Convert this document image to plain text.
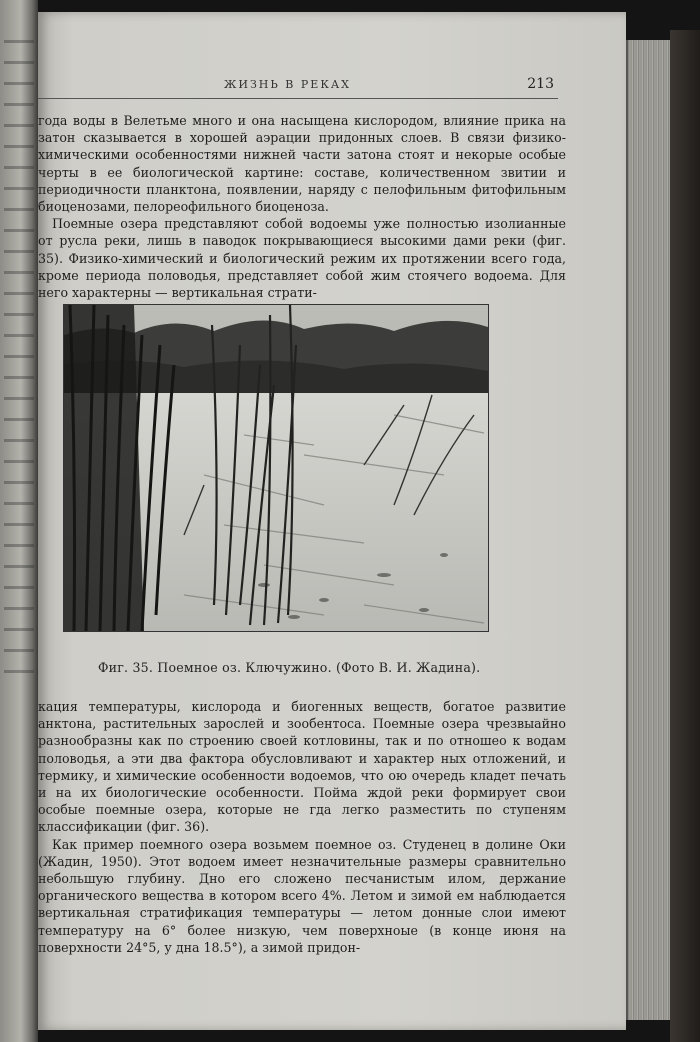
ЖИЗНЬ В РЕКАХ	213

года воды в Велетьме много и она насыщена кислородом, влияние прика на затон сказывается в хорошей аэрации придонных слоев. В связи физико-химическими особенностями нижней части затона стоят и некорые особые черты в ее биологической картине: составе, количественном звитии и периодичности планктона, появлении, наряду с пелофильным фитофильным биоценозами, пелореофильного биоценоза.

Поемные озера представляют собой водоемы уже полностью изолианные от русла реки, лишь в паводок покрывающиеся высокими дами реки (фиг. 35). Физико-химический и биологический режим их протяжении всего года, кроме периода половодья, представляет собой жим стоячего водоема. Для него характерны — вертикальная страти-

Фиг. 35. Поемное оз. Ключужино. (Фото В. И. Жадина).

кация температуры, кислорода и биогенных веществ, богатое развитие анктона, растительных зарослей и зообентоса. Поемные озера чрезвыайно разнообразны как по строению своей котловины, так и по отношео к водам половодья, а эти два фактора обусловливают и характер ных отложений, и термику, и химические особенности водоемов, что ою очередь кладет печать и на их биологические особенности. Пойма ждой реки формирует свои особые поемные озера, которые не гда легко разместить по ступеням классификации (фиг. 36).

Как пример поемного озера возьмем поемное оз. Студенец в долине Оки (Жадин, 1950). Этот водоем имеет незначительные размеры сравнительно небольшую глубину. Дно его сложено песчанистым илом, держание органического вещества в котором всего 4%. Летом и зимой ем наблюдается вертикальная стратификация температуры — летом донные слои имеют температуру на 6° более низкую, чем поверхноые (в конце июня на поверхности 24°5, у дна 18.5°), а зимой придон-
